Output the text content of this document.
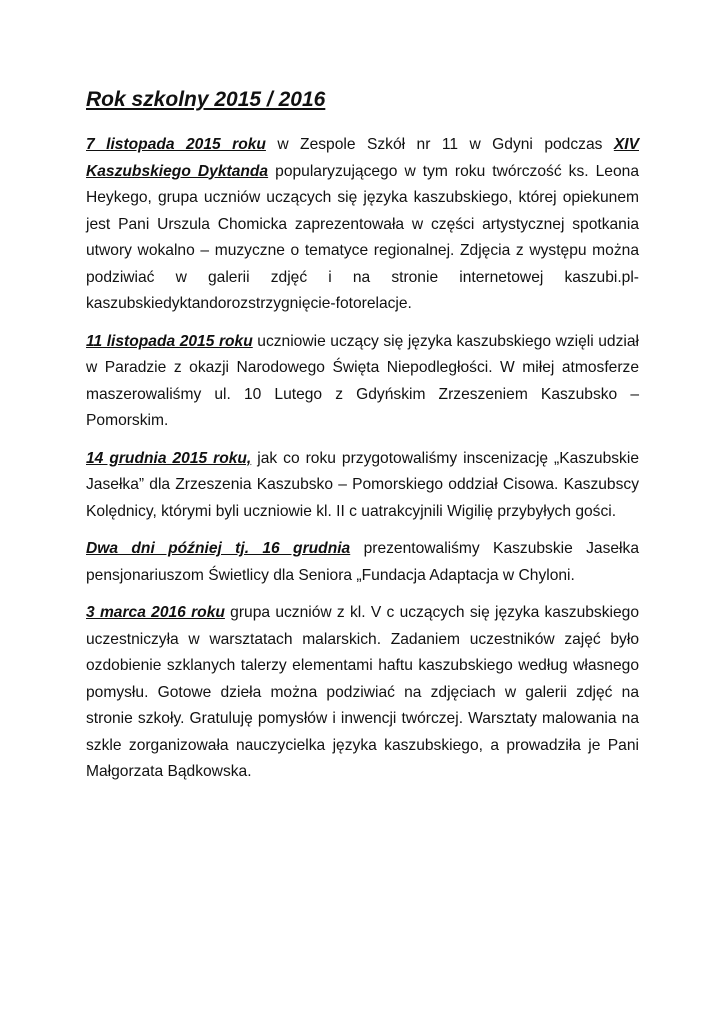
Rok szkolny 2015 / 2016

7 listopada 2015 roku w Zespole Szkół nr 11 w Gdyni podczas XIV Kaszubskiego Dyktanda popularyzującego w tym roku twórczość ks. Leona Heykego, grupa uczniów uczących się języka kaszubskiego, której opiekunem jest Pani Urszula Chomicka zaprezentowała w części artystycznej spotkania utwory wokalno – muzyczne o tematyce regionalnej. Zdjęcia z występu można podziwiać w galerii zdjęć i na stronie internetowej kaszubi.pl-kaszubskiedyktandorozstrzygnięcie-fotorelacje.

11 listopada 2015 roku uczniowie uczący się języka kaszubskiego wzięli udział w Paradzie z okazji Narodowego Święta Niepodległości. W miłej atmosferze maszerowaliśmy ul. 10 Lutego z Gdyńskim Zrzeszeniem Kaszubsko – Pomorskim.

14 grudnia 2015 roku, jak co roku przygotowaliśmy inscenizację „Kaszubskie Jasełka” dla Zrzeszenia Kaszubsko – Pomorskiego oddział Cisowa. Kaszubscy Kolędnicy, którymi byli uczniowie kl. II c uatrakcyjnili Wigilię przybyłych gości.

Dwa dni później tj. 16 grudnia prezentowaliśmy Kaszubskie Jasełka pensjonariuszom Świetlicy dla Seniora „Fundacja Adaptacja w Chyloni.

3 marca 2016 roku grupa uczniów z kl. V c uczących się języka kaszubskiego uczestniczyła w warsztatach malarskich. Zadaniem uczestników zajęć było ozdobienie szklanych talerzy elementami haftu kaszubskiego według własnego pomysłu. Gotowe dzieła można podziwiać na zdjęciach w galerii zdjęć na stronie szkoły. Gratuluję pomysłów i inwencji twórczej. Warsztaty malowania na szkle zorganizowała nauczycielka języka kaszubskiego, a prowadziła je Pani Małgorzata Bądkowska.
